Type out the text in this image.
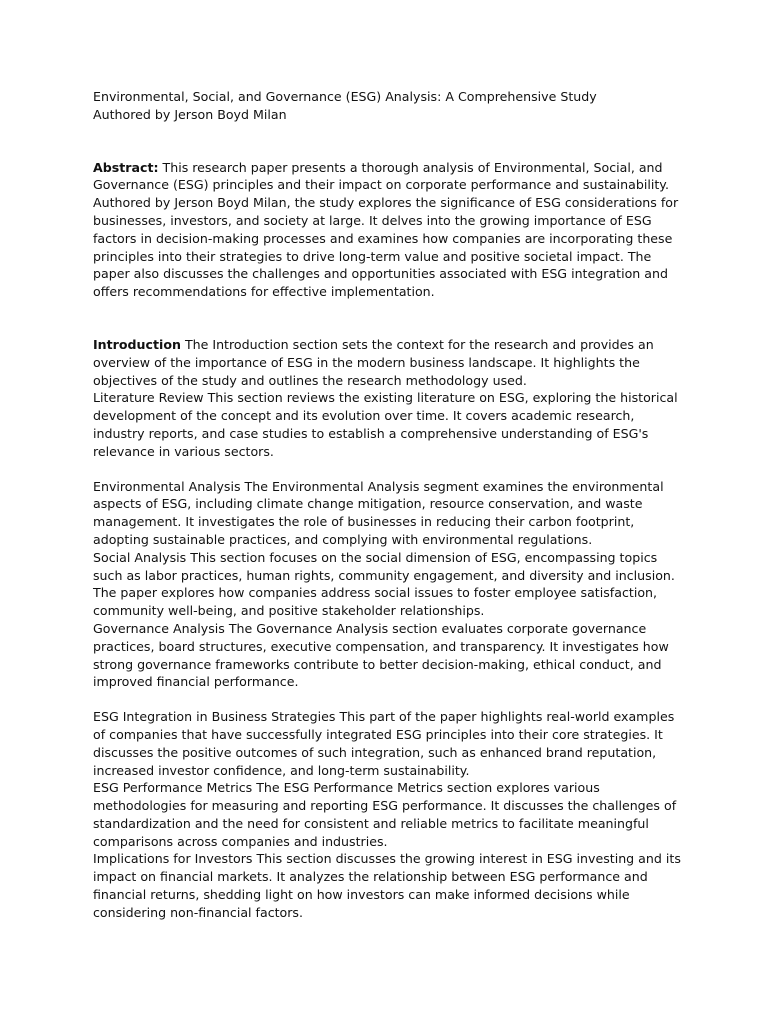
Environmental, Social, and Governance (ESG) Analysis: A Comprehensive Study
Authored by Jerson Boyd Milan

Abstract: This research paper presents a thorough analysis of Environmental, Social, and Governance (ESG) principles and their impact on corporate performance and sustainability. Authored by Jerson Boyd Milan, the study explores the significance of ESG considerations for businesses, investors, and society at large. It delves into the growing importance of ESG factors in decision-making processes and examines how companies are incorporating these principles into their strategies to drive long-term value and positive societal impact. The paper also discusses the challenges and opportunities associated with ESG integration and offers recommendations for effective implementation.

Introduction The Introduction section sets the context for the research and provides an overview of the importance of ESG in the modern business landscape. It highlights the objectives of the study and outlines the research methodology used.

Literature Review This section reviews the existing literature on ESG, exploring the historical development of the concept and its evolution over time. It covers academic research, industry reports, and case studies to establish a comprehensive understanding of ESG's relevance in various sectors.

Environmental Analysis The Environmental Analysis segment examines the environmental aspects of ESG, including climate change mitigation, resource conservation, and waste management. It investigates the role of businesses in reducing their carbon footprint, adopting sustainable practices, and complying with environmental regulations.

Social Analysis This section focuses on the social dimension of ESG, encompassing topics such as labor practices, human rights, community engagement, and diversity and inclusion. The paper explores how companies address social issues to foster employee satisfaction, community well-being, and positive stakeholder relationships.

Governance Analysis The Governance Analysis section evaluates corporate governance practices, board structures, executive compensation, and transparency. It investigates how strong governance frameworks contribute to better decision-making, ethical conduct, and improved financial performance.

ESG Integration in Business Strategies This part of the paper highlights real-world examples of companies that have successfully integrated ESG principles into their core strategies. It discusses the positive outcomes of such integration, such as enhanced brand reputation, increased investor confidence, and long-term sustainability.

ESG Performance Metrics The ESG Performance Metrics section explores various methodologies for measuring and reporting ESG performance. It discusses the challenges of standardization and the need for consistent and reliable metrics to facilitate meaningful comparisons across companies and industries.

Implications for Investors This section discusses the growing interest in ESG investing and its impact on financial markets. It analyzes the relationship between ESG performance and financial returns, shedding light on how investors can make informed decisions while considering non-financial factors.
